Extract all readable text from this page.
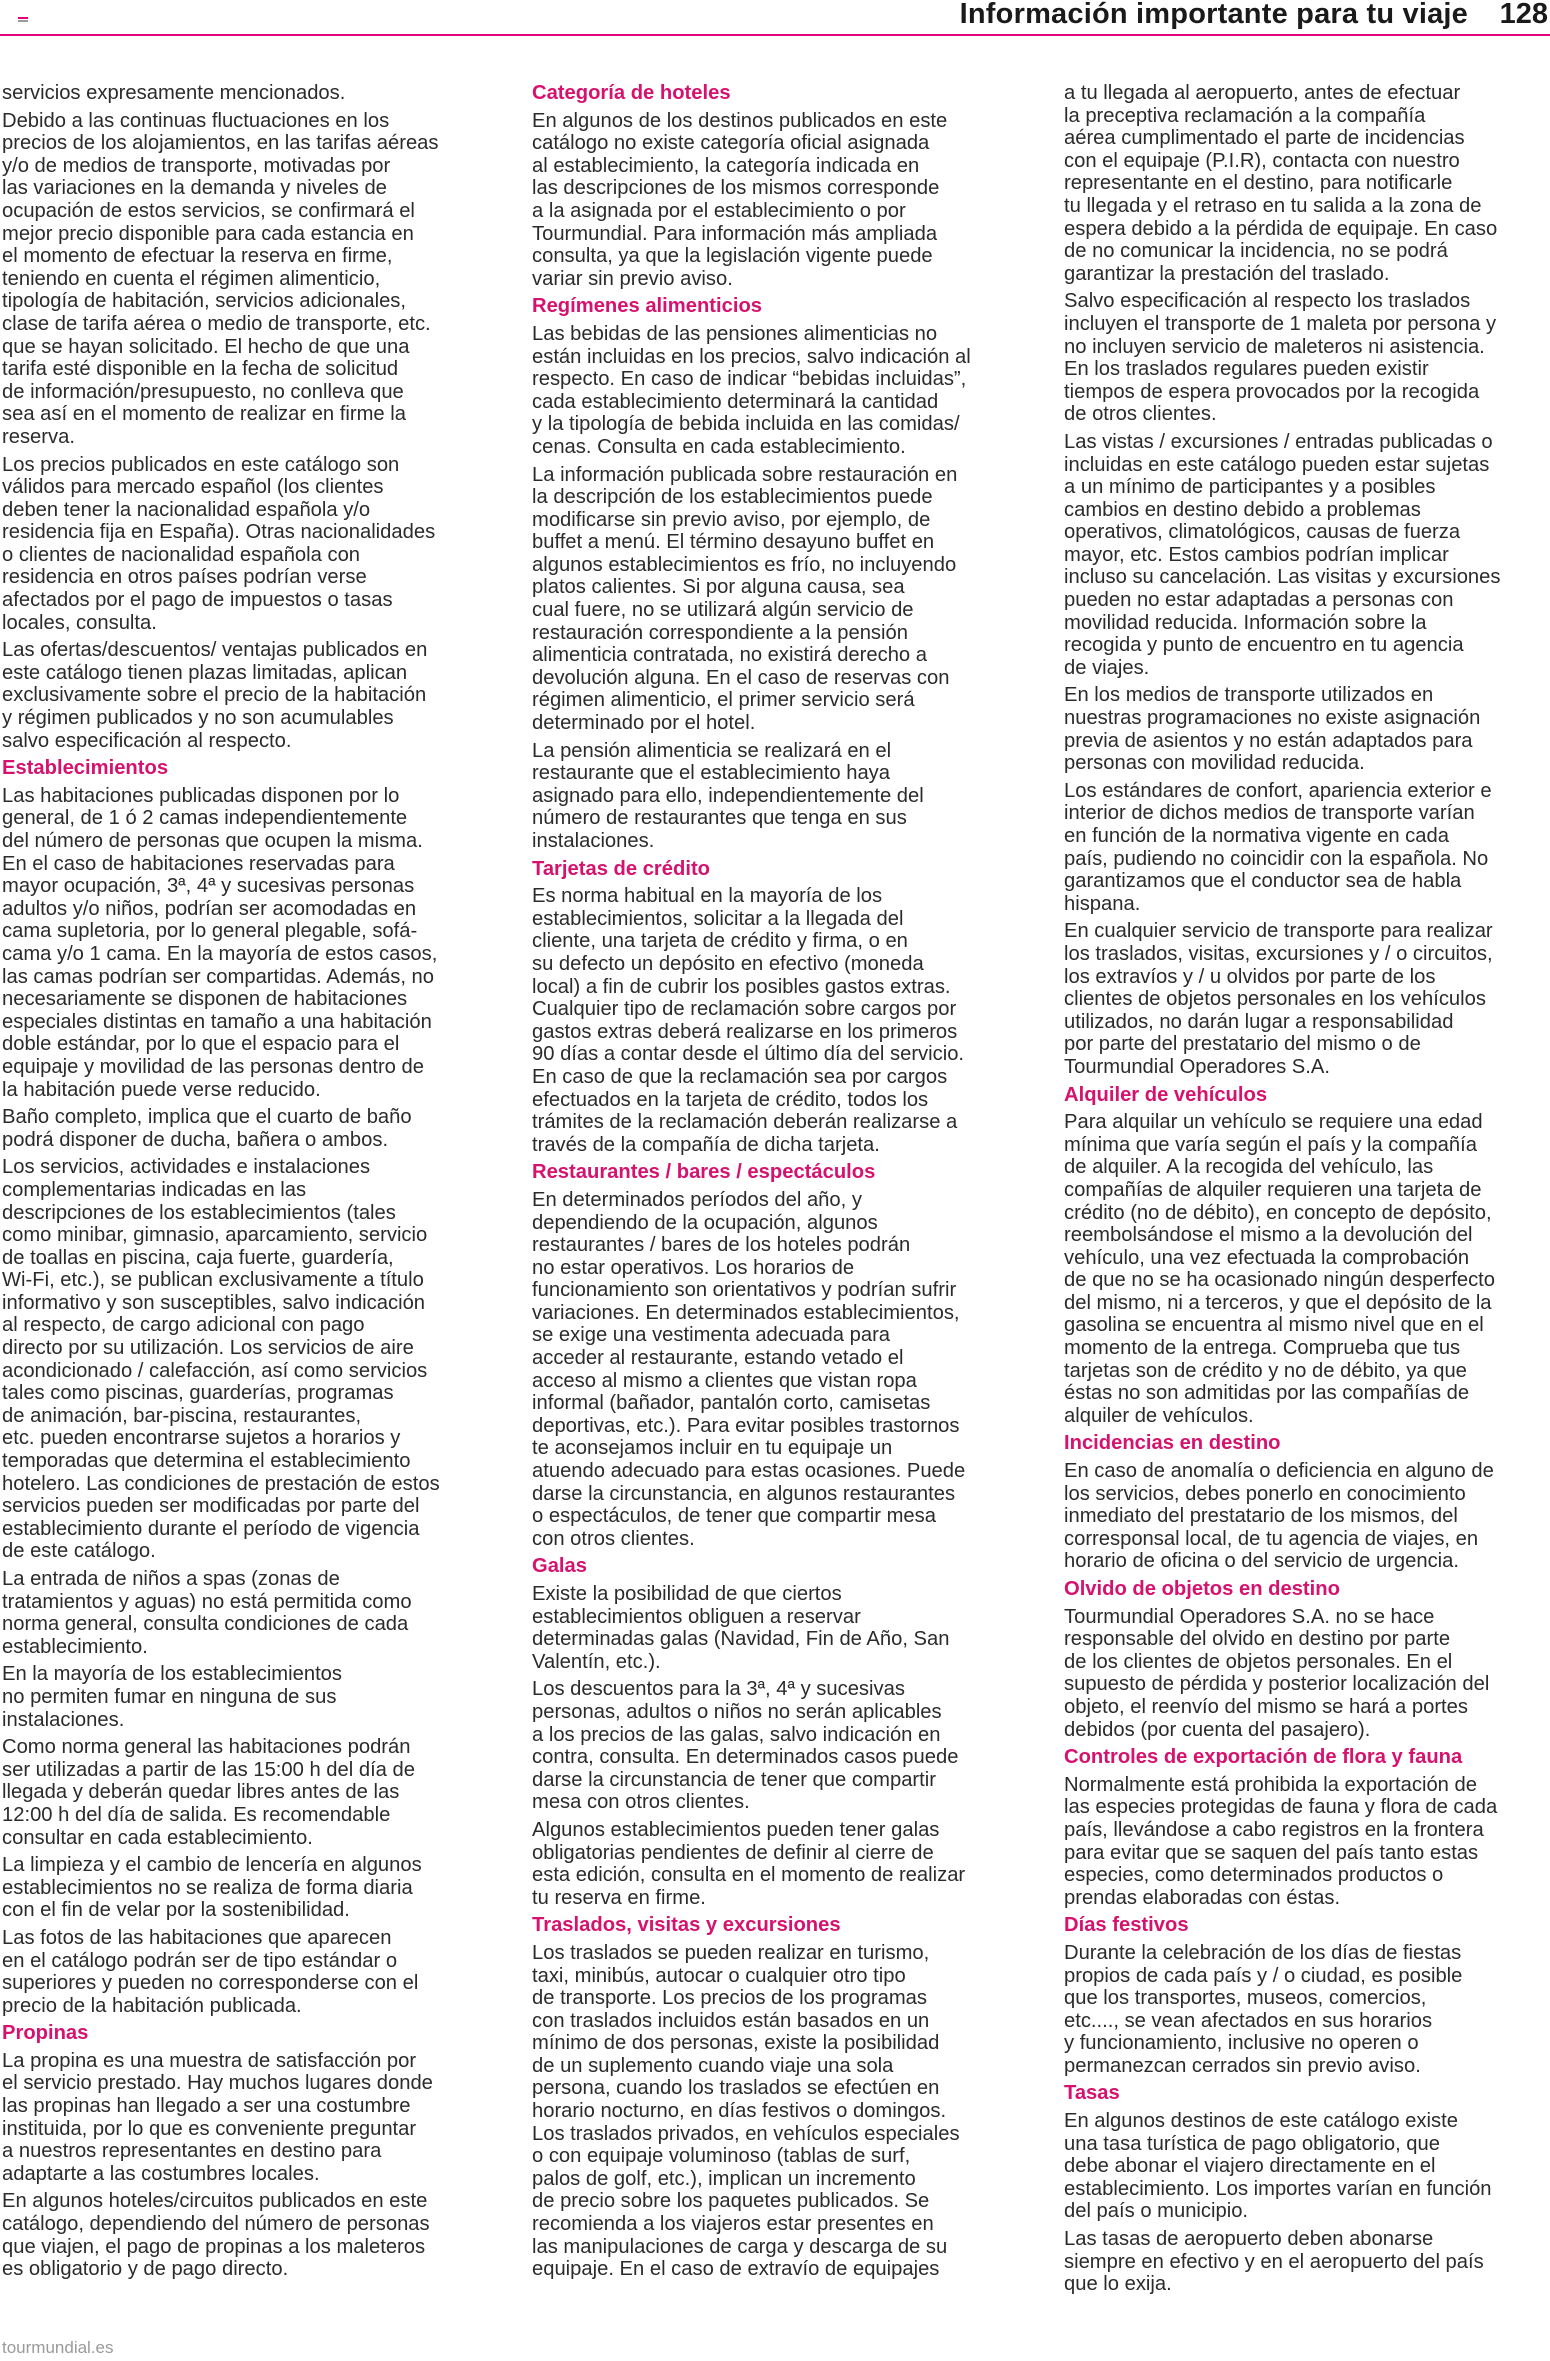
Información importante para tu viaje 128

servicios expresamente mencionados.

Debido a las continuas fluctuaciones en los
precios de los alojamientos, en las tarifas aéreas
y/o de medios de transporte, motivadas por
las variaciones en la demanda y niveles de
ocupación de estos servicios, se confirmará el
mejor precio disponible para cada estancia en
el momento de efectuar la reserva en firme,
teniendo en cuenta el régimen alimenticio,
tipología de habitación, servicios adicionales,
clase de tarifa aérea o medio de transporte, etc.
que se hayan solicitado. El hecho de que una
tarifa esté disponible en la fecha de solicitud
de información/presupuesto, no conlleva que
sea así en el momento de realizar en firme la
reserva.

Los precios publicados en este catálogo son
válidos para mercado español (los clientes
deben tener la nacionalidad española y/o
residencia fija en España). Otras nacionalidades
o clientes de nacionalidad española con
residencia en otros países podrían verse
afectados por el pago de impuestos o tasas
locales, consulta.

Las ofertas/descuentos/ ventajas publicados en
este catálogo tienen plazas limitadas, aplican
exclusivamente sobre el precio de la habitación
y régimen publicados y no son acumulables
salvo especificación al respecto.

Establecimientos

Las habitaciones publicadas disponen por lo
general, de 1 ó 2 camas independientemente
del número de personas que ocupen la misma.
En el caso de habitaciones reservadas para
mayor ocupación, 3ª, 4ª y sucesivas personas
adultos y/o niños, podrían ser acomodadas en
cama supletoria, por lo general plegable, sofá-
cama y/o 1 cama. En la mayoría de estos casos,
las camas podrían ser compartidas. Además, no
necesariamente se disponen de habitaciones
especiales distintas en tamaño a una habitación
doble estándar, por lo que el espacio para el
equipaje y movilidad de las personas dentro de
la habitación puede verse reducido.

Baño completo, implica que el cuarto de baño
podrá disponer de ducha, bañera o ambos.

Los servicios, actividades e instalaciones
complementarias indicadas en las
descripciones de los establecimientos (tales
como minibar, gimnasio, aparcamiento, servicio
de toallas en piscina, caja fuerte, guardería,
Wi-Fi, etc.), se publican exclusivamente a título
informativo y son susceptibles, salvo indicación
al respecto, de cargo adicional con pago
directo por su utilización. Los servicios de aire
acondicionado / calefacción, así como servicios
tales como piscinas, guarderías, programas
de animación, bar-piscina, restaurantes,
etc. pueden encontrarse sujetos a horarios y
temporadas que determina el establecimiento
hotelero. Las condiciones de prestación de estos
servicios pueden ser modificadas por parte del
establecimiento durante el período de vigencia
de este catálogo.

La entrada de niños a spas (zonas de
tratamientos y aguas) no está permitida como
norma general, consulta condiciones de cada
establecimiento.

En la mayoría de los establecimientos
no permiten fumar en ninguna de sus
instalaciones.

Como norma general las habitaciones podrán
ser utilizadas a partir de las 15:00 h del día de
llegada y deberán quedar libres antes de las
12:00 h del día de salida. Es recomendable
consultar en cada establecimiento.

La limpieza y el cambio de lencería en algunos
establecimientos no se realiza de forma diaria
con el fin de velar por la sostenibilidad.

Las fotos de las habitaciones que aparecen
en el catálogo podrán ser de tipo estándar o
superiores y pueden no corresponderse con el
precio de la habitación publicada.

Propinas

La propina es una muestra de satisfacción por
el servicio prestado. Hay muchos lugares donde
las propinas han llegado a ser una costumbre
instituida, por lo que es conveniente preguntar
a nuestros representantes en destino para
adaptarte a las costumbres locales.

En algunos hoteles/circuitos publicados en este
catálogo, dependiendo del número de personas
que viajen, el pago de propinas a los maleteros
es obligatorio y de pago directo.

Categoría de hoteles

En algunos de los destinos publicados en este
catálogo no existe categoría oficial asignada
al establecimiento, la categoría indicada en
las descripciones de los mismos corresponde
a la asignada por el establecimiento o por
Tourmundial. Para información más ampliada
consulta, ya que la legislación vigente puede
variar sin previo aviso.

Regímenes alimenticios

Las bebidas de las pensiones alimenticias no
están incluidas en los precios, salvo indicación al
respecto. En caso de indicar “bebidas incluidas”,
cada establecimiento determinará la cantidad
y la tipología de bebida incluida en las comidas/
cenas. Consulta en cada establecimiento.

La información publicada sobre restauración en
la descripción de los establecimientos puede
modificarse sin previo aviso, por ejemplo, de
buffet a menú. El término desayuno buffet en
algunos establecimientos es frío, no incluyendo
platos calientes. Si por alguna causa, sea
cual fuere, no se utilizará algún servicio de
restauración correspondiente a la pensión
alimenticia contratada, no existirá derecho a
devolución alguna. En el caso de reservas con
régimen alimenticio, el primer servicio será
determinado por el hotel.

La pensión alimenticia se realizará en el
restaurante que el establecimiento haya
asignado para ello, independientemente del
número de restaurantes que tenga en sus
instalaciones.

Tarjetas de crédito

Es norma habitual en la mayoría de los
establecimientos, solicitar a la llegada del
cliente, una tarjeta de crédito y firma, o en
su defecto un depósito en efectivo (moneda
local) a fin de cubrir los posibles gastos extras.
Cualquier tipo de reclamación sobre cargos por
gastos extras deberá realizarse en los primeros
90 días a contar desde el último día del servicio.
En caso de que la reclamación sea por cargos
efectuados en la tarjeta de crédito, todos los
trámites de la reclamación deberán realizarse a
través de la compañía de dicha tarjeta.

Restaurantes / bares / espectáculos

En determinados períodos del año, y
dependiendo de la ocupación, algunos
restaurantes / bares de los hoteles podrán
no estar operativos. Los horarios de
funcionamiento son orientativos y podrían sufrir
variaciones. En determinados establecimientos,
se exige una vestimenta adecuada para
acceder al restaurante, estando vetado el
acceso al mismo a clientes que vistan ropa
informal (bañador, pantalón corto, camisetas
deportivas, etc.). Para evitar posibles trastornos
te aconsejamos incluir en tu equipaje un
atuendo adecuado para estas ocasiones. Puede
darse la circunstancia, en algunos restaurantes
o espectáculos, de tener que compartir mesa
con otros clientes.

Galas

Existe la posibilidad de que ciertos
establecimientos obliguen a reservar
determinadas galas (Navidad, Fin de Año, San
Valentín, etc.).

Los descuentos para la 3ª, 4ª y sucesivas
personas, adultos o niños no serán aplicables
a los precios de las galas, salvo indicación en
contra, consulta. En determinados casos puede
darse la circunstancia de tener que compartir
mesa con otros clientes.

Algunos establecimientos pueden tener galas
obligatorias pendientes de definir al cierre de
esta edición, consulta en el momento de realizar
tu reserva en firme.

Traslados, visitas y excursiones

Los traslados se pueden realizar en turismo,
taxi, minibús, autocar o cualquier otro tipo
de transporte. Los precios de los programas
con traslados incluidos están basados en un
mínimo de dos personas, existe la posibilidad
de un suplemento cuando viaje una sola
persona, cuando los traslados se efectúen en
horario nocturno, en días festivos o domingos.
Los traslados privados, en vehículos especiales
o con equipaje voluminoso (tablas de surf,
palos de golf, etc.), implican un incremento
de precio sobre los paquetes publicados. Se
recomienda a los viajeros estar presentes en
las manipulaciones de carga y descarga de su
equipaje. En el caso de extravío de equipajes

a tu llegada al aeropuerto, antes de efectuar
la preceptiva reclamación a la compañía
aérea cumplimentado el parte de incidencias
con el equipaje (P.I.R), contacta con nuestro
representante en el destino, para notificarle
tu llegada y el retraso en tu salida a la zona de
espera debido a la pérdida de equipaje. En caso
de no comunicar la incidencia, no se podrá
garantizar la prestación del traslado.

Salvo especificación al respecto los traslados
incluyen el transporte de 1 maleta por persona y
no incluyen servicio de maleteros ni asistencia.
En los traslados regulares pueden existir
tiempos de espera provocados por la recogida
de otros clientes.

Las vistas / excursiones / entradas publicadas o
incluidas en este catálogo pueden estar sujetas
a un mínimo de participantes y a posibles
cambios en destino debido a problemas
operativos, climatológicos, causas de fuerza
mayor, etc. Estos cambios podrían implicar
incluso su cancelación. Las visitas y excursiones
pueden no estar adaptadas a personas con
movilidad reducida. Información sobre la
recogida y punto de encuentro en tu agencia
de viajes.

En los medios de transporte utilizados en
nuestras programaciones no existe asignación
previa de asientos y no están adaptados para
personas con movilidad reducida.

Los estándares de confort, apariencia exterior e
interior de dichos medios de transporte varían
en función de la normativa vigente en cada
país, pudiendo no coincidir con la española. No
garantizamos que el conductor sea de habla
hispana.

En cualquier servicio de transporte para realizar
los traslados, visitas, excursiones y / o circuitos,
los extravíos y / u olvidos por parte de los
clientes de objetos personales en los vehículos
utilizados, no darán lugar a responsabilidad
por parte del prestatario del mismo o de
Tourmundial Operadores S.A.

Alquiler de vehículos

Para alquilar un vehículo se requiere una edad
mínima que varía según el país y la compañía
de alquiler. A la recogida del vehículo, las
compañías de alquiler requieren una tarjeta de
crédito (no de débito), en concepto de depósito,
reembolsándose el mismo a la devolución del
vehículo, una vez efectuada la comprobación
de que no se ha ocasionado ningún desperfecto
del mismo, ni a terceros, y que el depósito de la
gasolina se encuentra al mismo nivel que en el
momento de la entrega. Comprueba que tus
tarjetas son de crédito y no de débito, ya que
éstas no son admitidas por las compañías de
alquiler de vehículos.

Incidencias en destino

En caso de anomalía o deficiencia en alguno de
los servicios, debes ponerlo en conocimiento
inmediato del prestatario de los mismos, del
corresponsal local, de tu agencia de viajes, en
horario de oficina o del servicio de urgencia.

Olvido de objetos en destino

Tourmundial Operadores S.A. no se hace
responsable del olvido en destino por parte
de los clientes de objetos personales. En el
supuesto de pérdida y posterior localización del
objeto, el reenvío del mismo se hará a portes
debidos (por cuenta del pasajero).

Controles de exportación de flora y fauna

Normalmente está prohibida la exportación de
las especies protegidas de fauna y flora de cada
país, llevándose a cabo registros en la frontera
para evitar que se saquen del país tanto estas
especies, como determinados productos o
prendas elaboradas con éstas.

Días festivos

Durante la celebración de los días de fiestas
propios de cada país y / o ciudad, es posible
que los transportes, museos, comercios,
etc...., se vean afectados en sus horarios
y funcionamiento, inclusive no operen o
permanezcan cerrados sin previo aviso.

Tasas

En algunos destinos de este catálogo existe
una tasa turística de pago obligatorio, que
debe abonar el viajero directamente en el
establecimiento. Los importes varían en función
del país o municipio.

Las tasas de aeropuerto deben abonarse
siempre en efectivo y en el aeropuerto del país
que lo exija.

tourmundial.es
